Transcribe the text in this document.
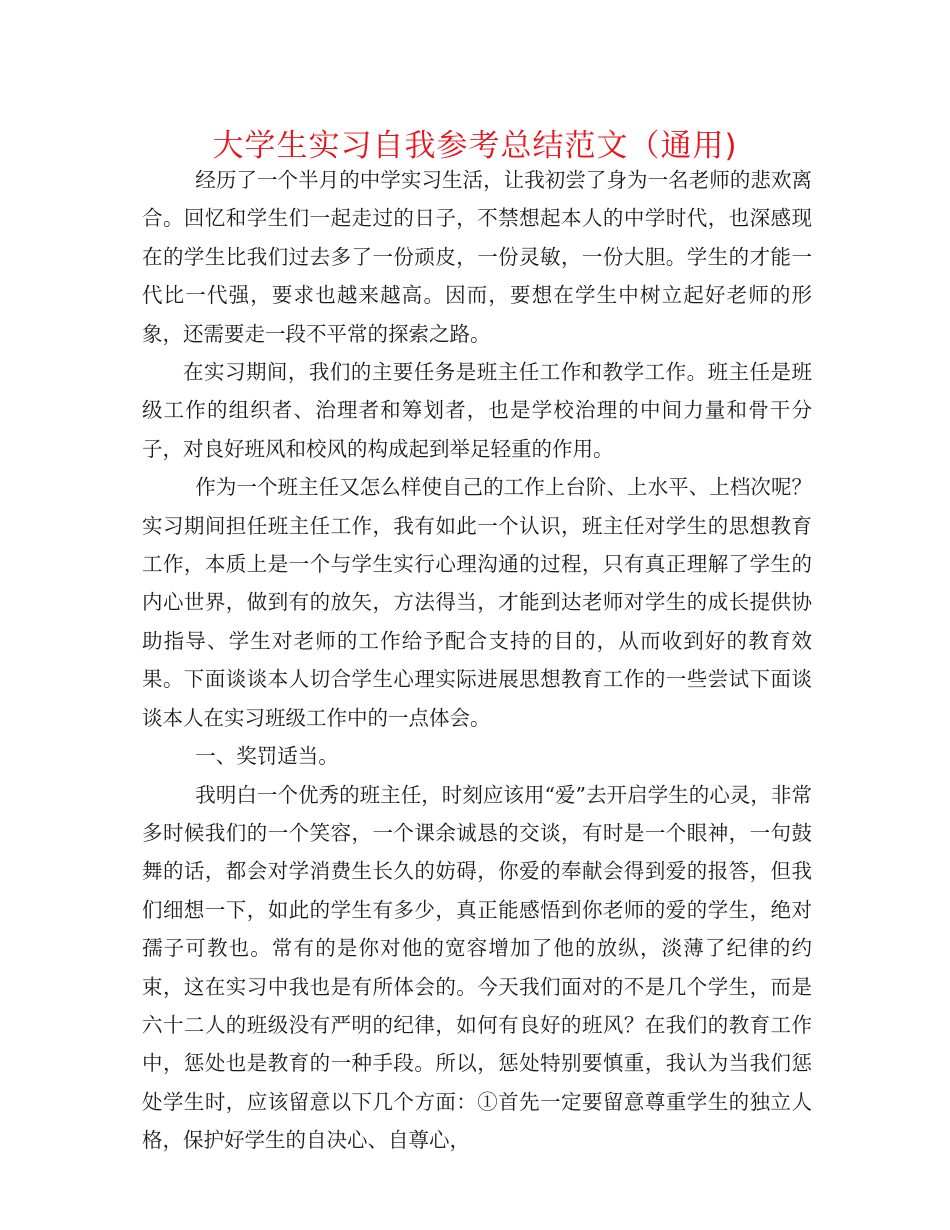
大学生实习自我参考总结范文（通用)

经历了一个半月的中学实习生活，让我初尝了身为一名老师的悲欢离合。回忆和学生们一起走过的日子，不禁想起本人的中学时代，也深感现在的学生比我们过去多了一份顽皮，一份灵敏，一份大胆。学生的才能一代比一代强，要求也越来越高。因而，要想在学生中树立起好老师的形象，还需要走一段不平常的探索之路。

在实习期间，我们的主要任务是班主任工作和教学工作。班主任是班级工作的组织者、治理者和筹划者，也是学校治理的中间力量和骨干分子，对良好班风和校风的构成起到举足轻重的作用。

作为一个班主任又怎么样使自己的工作上台阶、上水平、上档次呢？实习期间担任班主任工作，我有如此一个认识，班主任对学生的思想教育工作，本质上是一个与学生实行心理沟通的过程，只有真正理解了学生的内心世界，做到有的放矢，方法得当，才能到达老师对学生的成长提供协助指导、学生对老师的工作给予配合支持的目的，从而收到好的教育效果。下面谈谈本人切合学生心理实际进展思想教育工作的一些尝试下面谈谈本人在实习班级工作中的一点体会。

一、奖罚适当。

我明白一个优秀的班主任，时刻应该用“爱”去开启学生的心灵，非常多时候我们的一个笑容，一个课余诚恳的交谈，有时是一个眼神，一句鼓舞的话，都会对学消费生长久的妨碍，你爱的奉献会得到爱的报答，但我们细想一下，如此的学生有多少，真正能感悟到你老师的爱的学生，绝对孺子可教也。常有的是你对他的宽容增加了他的放纵，淡薄了纪律的约束，这在实习中我也是有所体会的。今天我们面对的不是几个学生，而是六十二人的班级没有严明的纪律，如何有良好的班风？在我们的教育工作中，惩处也是教育的一种手段。所以，惩处特别要慎重，我认为当我们惩处学生时，应该留意以下几个方面：①首先一定要留意尊重学生的独立人格，保护好学生的自决心、自尊心，
